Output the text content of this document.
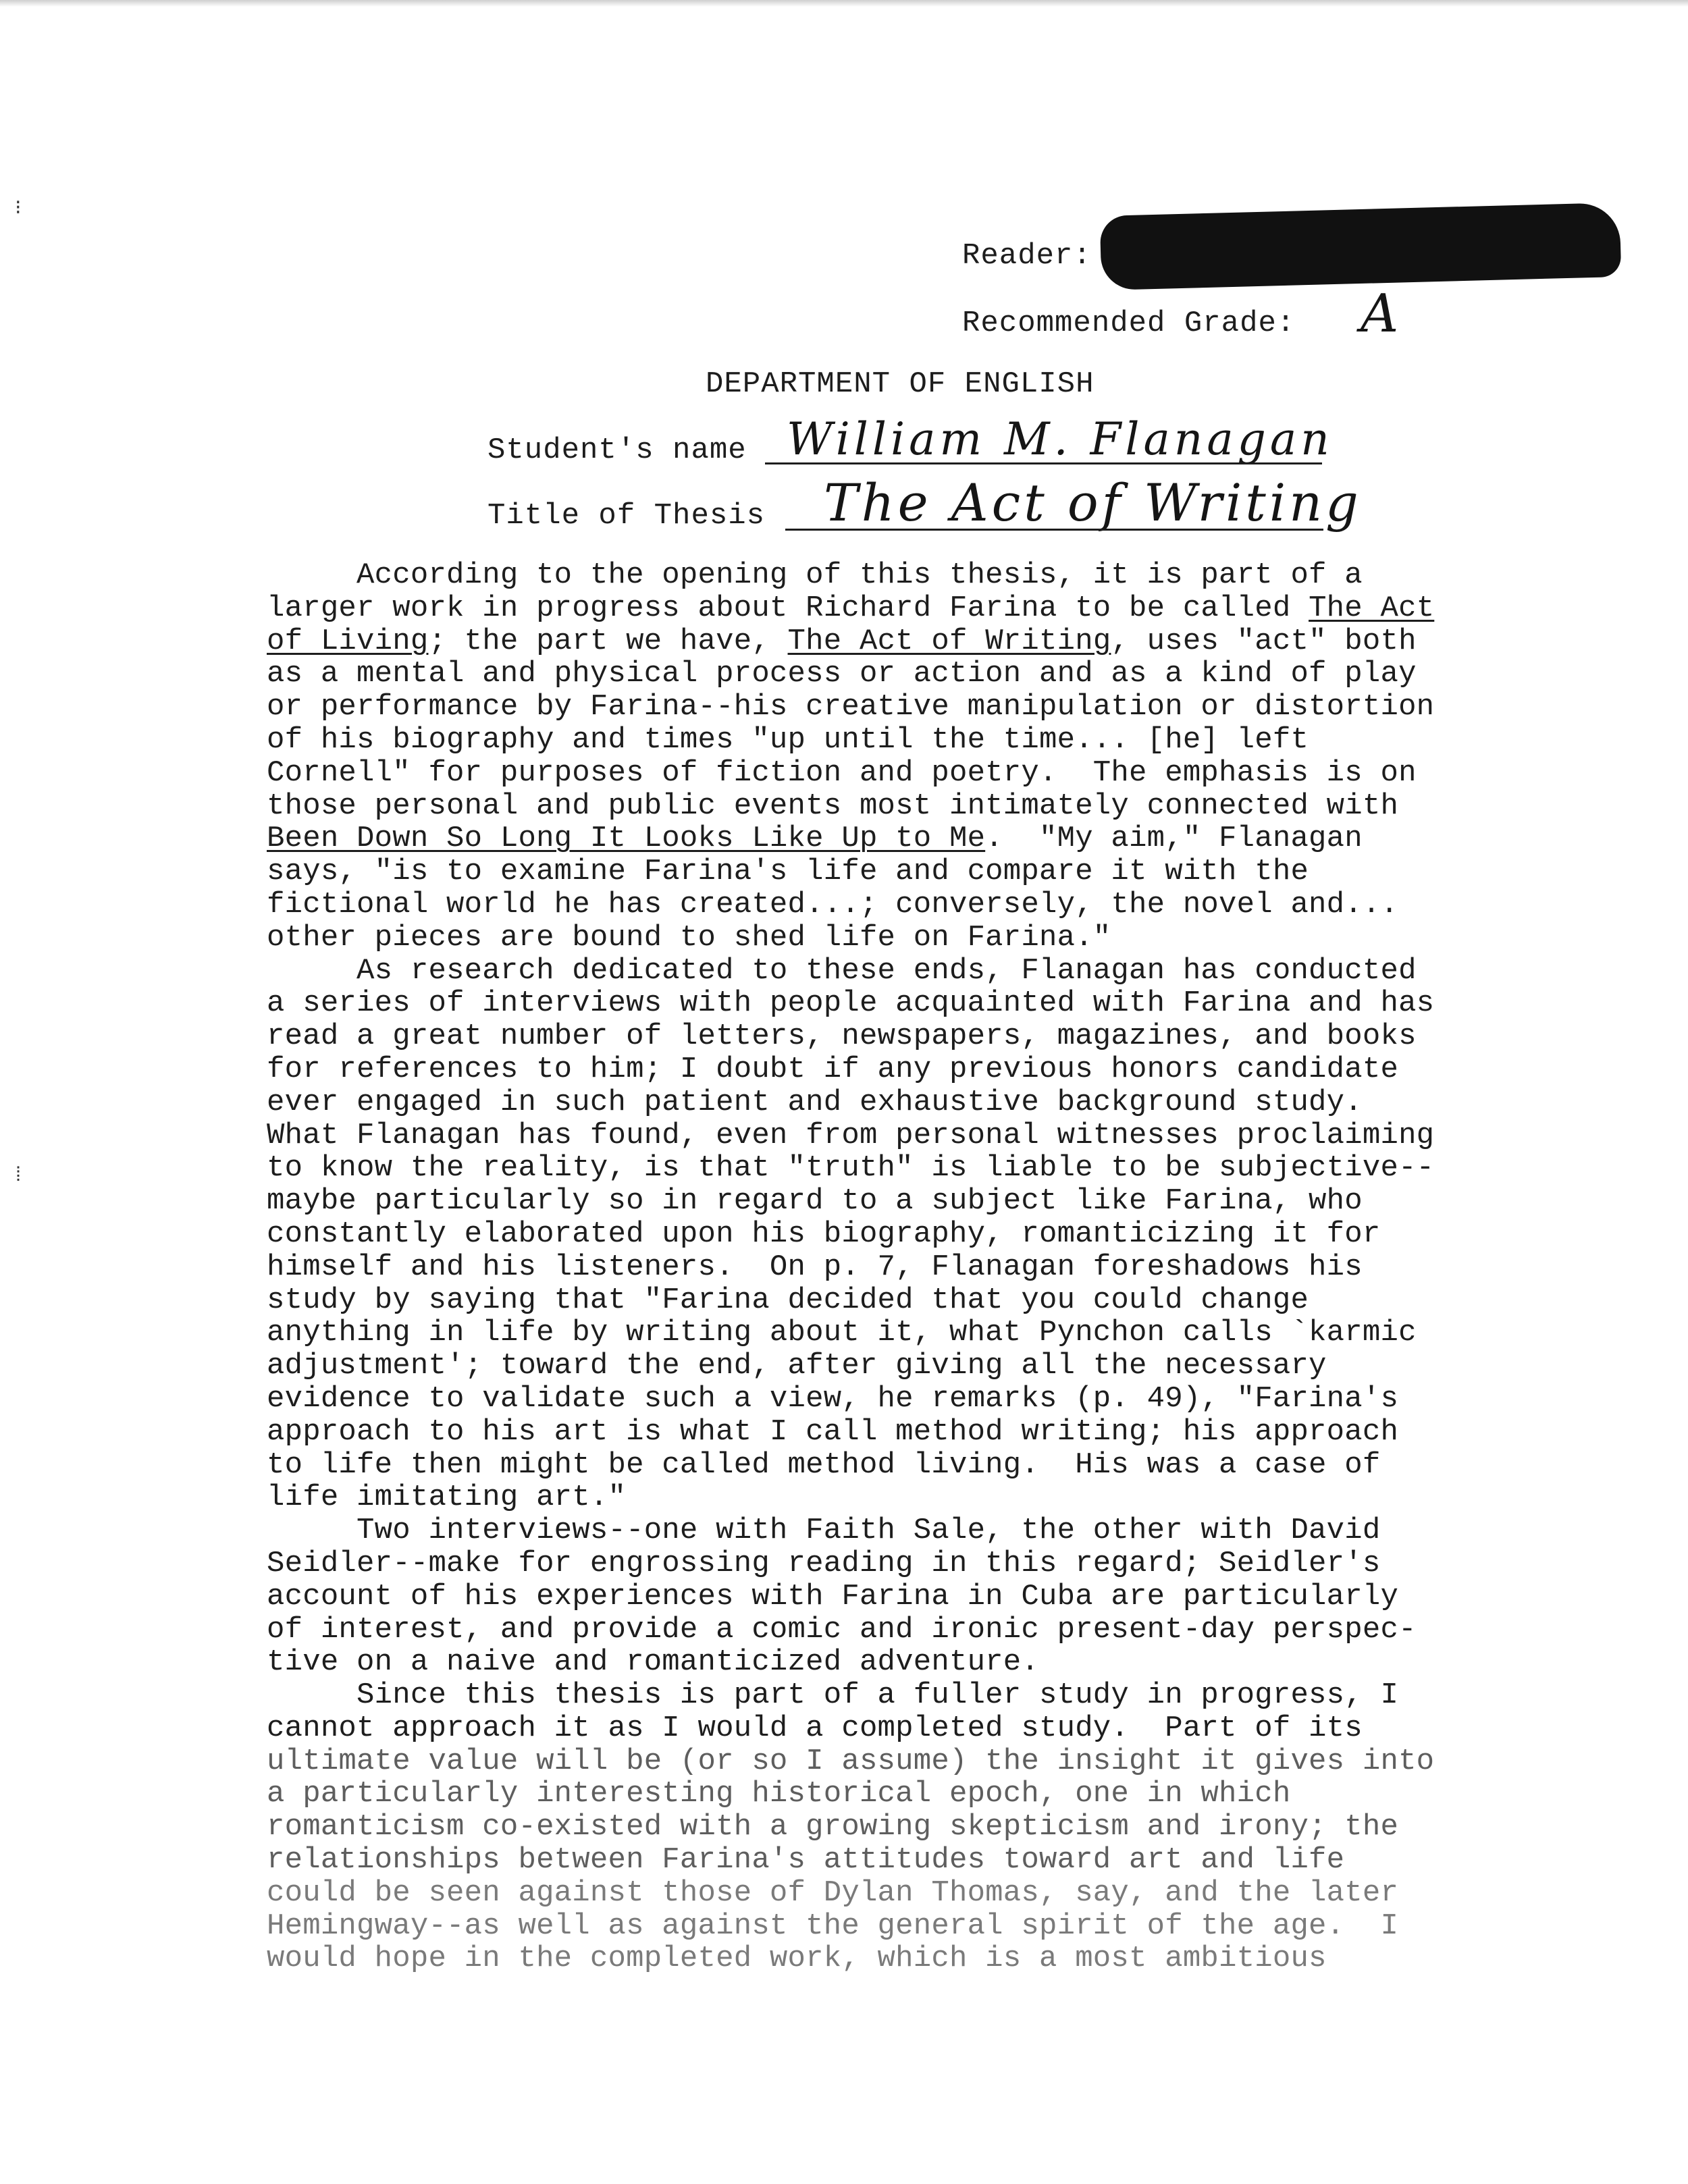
⁝
⁞
Reader:
Recommended Grade: A
DEPARTMENT OF ENGLISH
Student's name William M. Flanagan
Title of Thesis The Act of Writing
According to the opening of this thesis, it is part of a
larger work in progress about Richard Farina to be called The Act
of Living; the part we have, The Act of Writing, uses "act" both
as a mental and physical process or action and as a kind of play
or performance by Farina--his creative manipulation or distortion
of his biography and times "up until the time... [he] left
Cornell" for purposes of fiction and poetry.  The emphasis is on
those personal and public events most intimately connected with
Been Down So Long It Looks Like Up to Me.  "My aim," Flanagan
says, "is to examine Farina's life and compare it with the
fictional world he has created...; conversely, the novel and...
other pieces are bound to shed life on Farina."
As research dedicated to these ends, Flanagan has conducted
a series of interviews with people acquainted with Farina and has
read a great number of letters, newspapers, magazines, and books
for references to him; I doubt if any previous honors candidate
ever engaged in such patient and exhaustive background study.
What Flanagan has found, even from personal witnesses proclaiming
to know the reality, is that "truth" is liable to be subjective--
maybe particularly so in regard to a subject like Farina, who
constantly elaborated upon his biography, romanticizing it for
himself and his listeners.  On p. 7, Flanagan foreshadows his
study by saying that "Farina decided that you could change
anything in life by writing about it, what Pynchon calls `karmic
adjustment'; toward the end, after giving all the necessary
evidence to validate such a view, he remarks (p. 49), "Farina's
approach to his art is what I call method writing; his approach
to life then might be called method living.  His was a case of
life imitating art."
Two interviews--one with Faith Sale, the other with David
Seidler--make for engrossing reading in this regard; Seidler's
account of his experiences with Farina in Cuba are particularly
of interest, and provide a comic and ironic present-day perspec-
tive on a naive and romanticized adventure.
Since this thesis is part of a fuller study in progress, I
cannot approach it as I would a completed study.  Part of its
ultimate value will be (or so I assume) the insight it gives into
a particularly interesting historical epoch, one in which
romanticism co-existed with a growing skepticism and irony; the
relationships between Farina's attitudes toward art and life
could be seen against those of Dylan Thomas, say, and the later
Hemingway--as well as against the general spirit of the age.  I
would hope in the completed work, which is a most ambitious
